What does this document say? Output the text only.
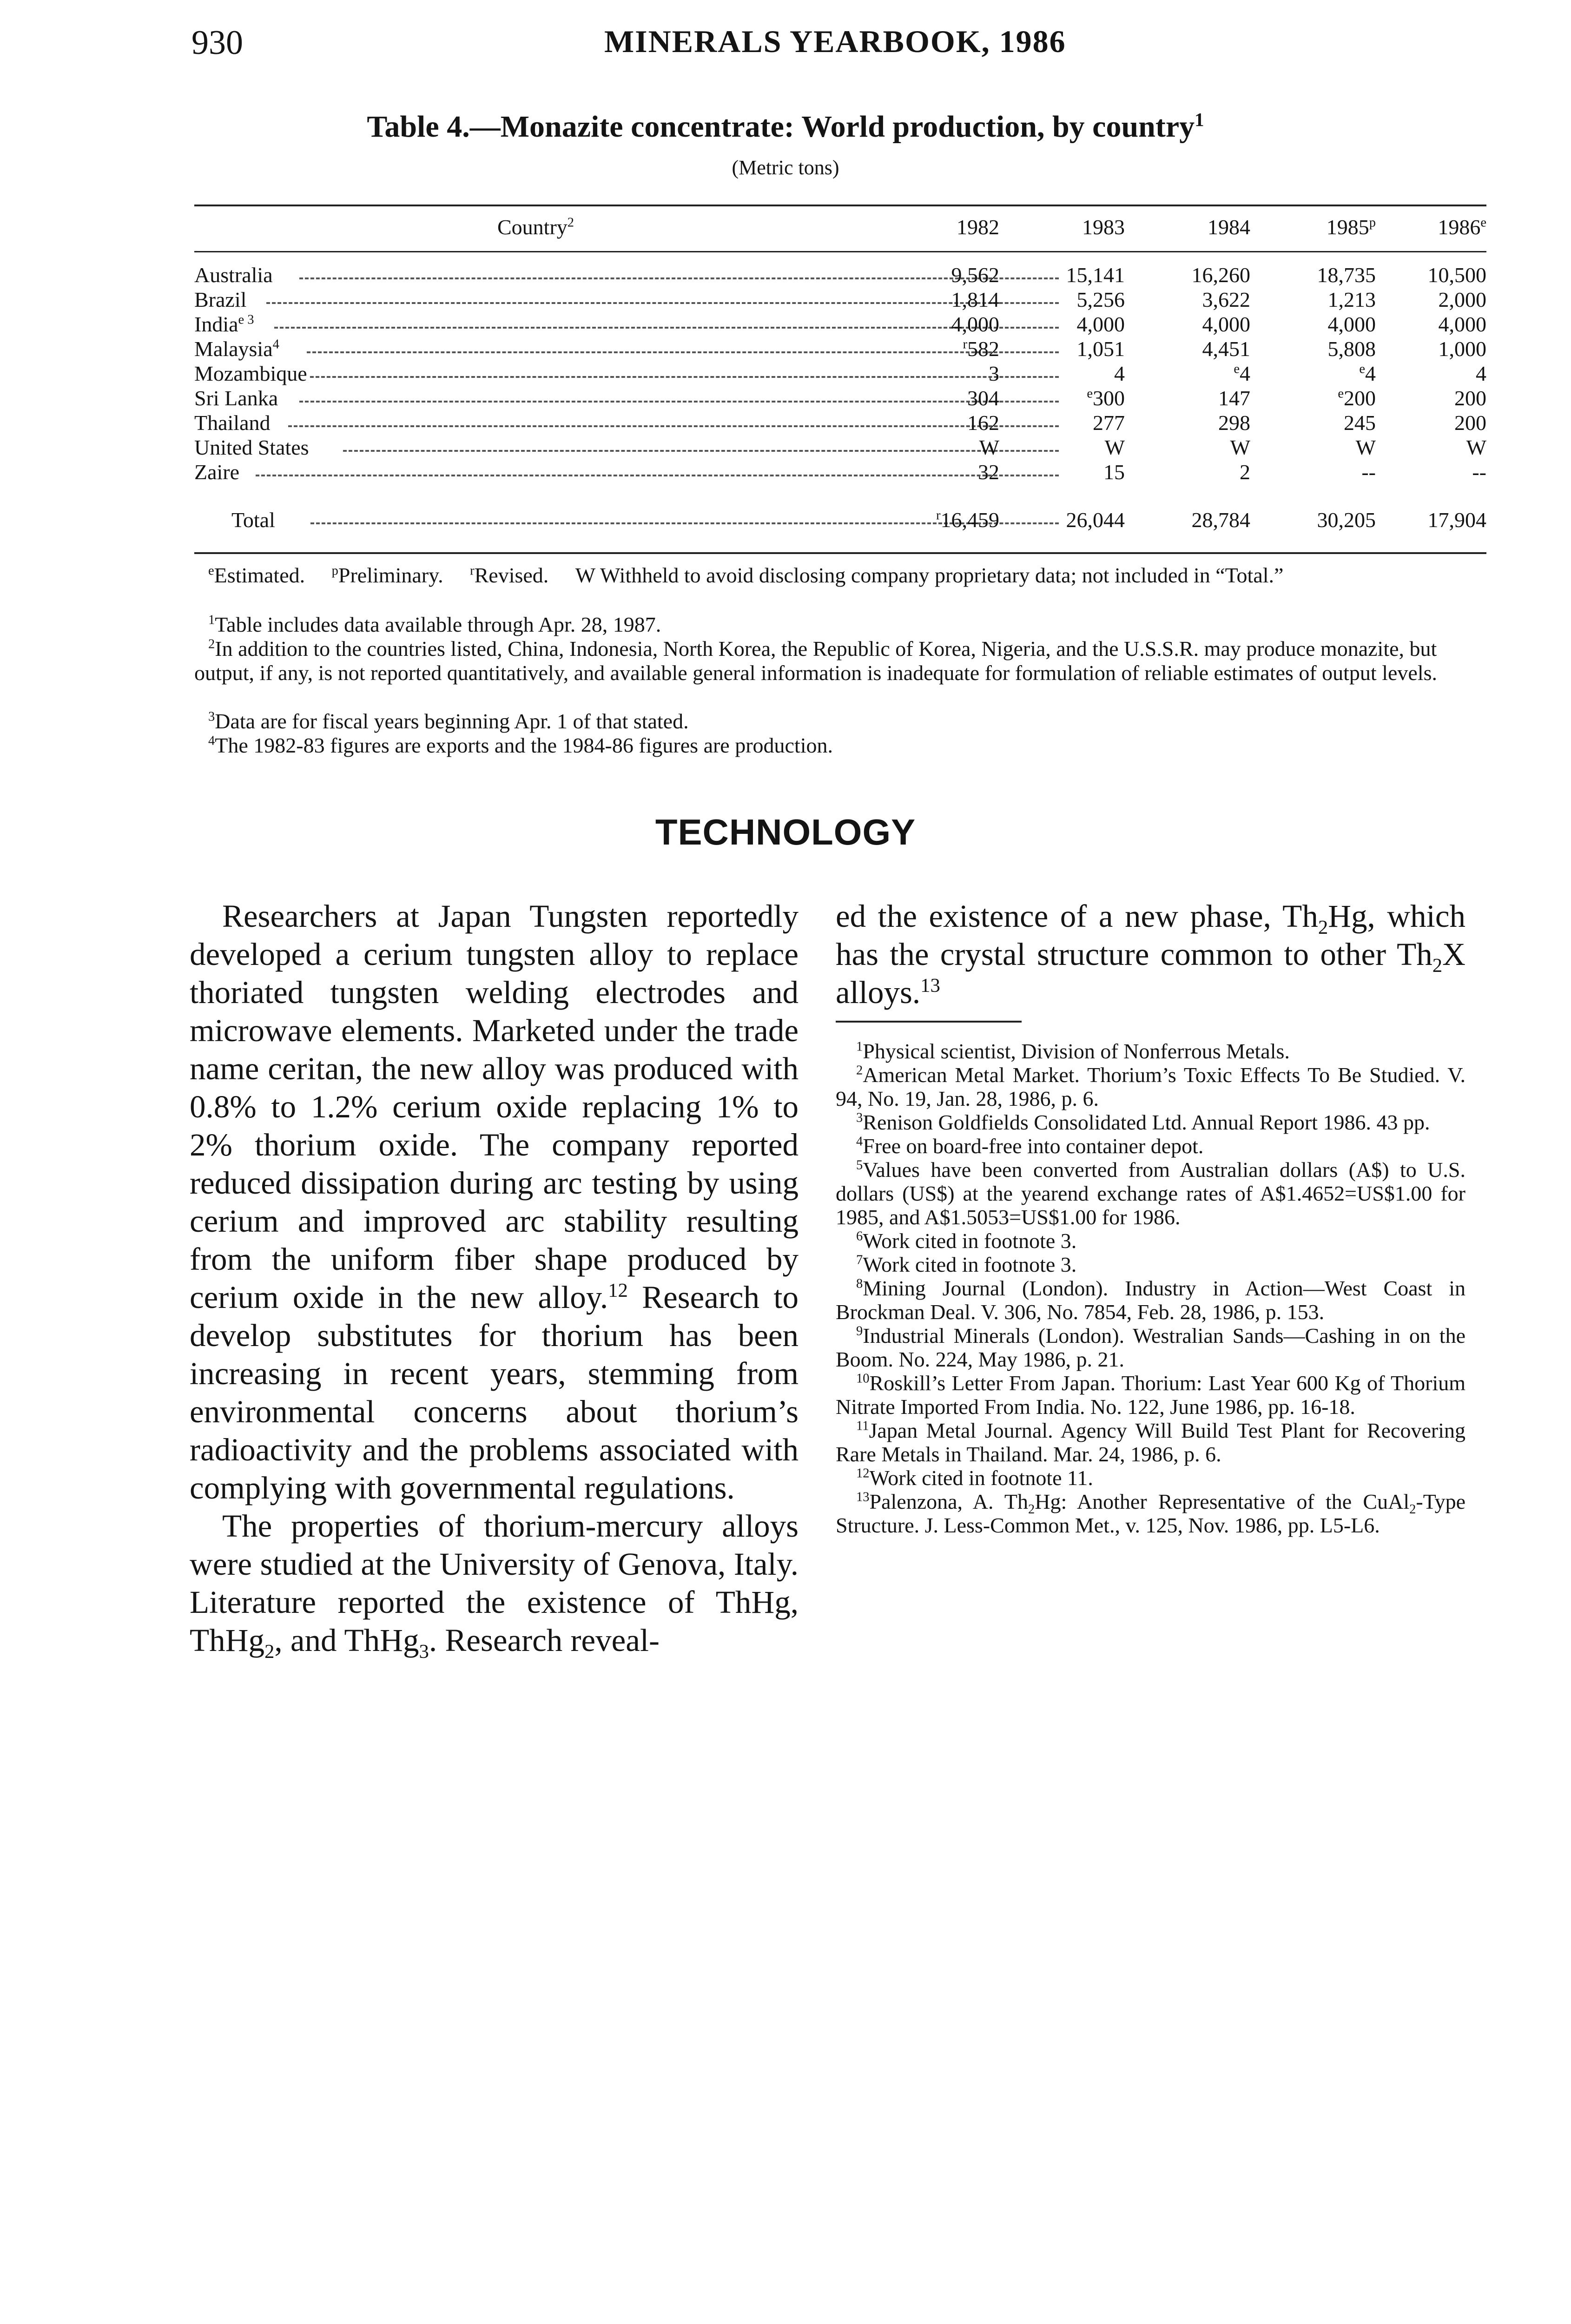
930	MINERALS YEARBOOK, 1986
Table 4.—Monazite concentrate: World production, by country$^1$
(Metric tons)
Country$^2$	1982	1983	1984	1985$^p$	1986e
Australia	9,562	15,141	16,260	18,735	10,500
Brazil	1,814	5,256	3,622	1,213	2,000
India$^{e 3}$	4,000	4,000	4,000	4,000	4,000
Malaysia$^4$	$^r$582	1,051	4,451	5,808	1,000
Mozambique	3	4	$^e$4	$^e$4	4
Sri Lanka	304	$^e$300	147	$^e$200	200
Thailand	162	277	298	245	200
United States	W	W	W	W	W
Zaire	32	15	2	--	--
Total	$^r$16,459	26,044	28,784	30,205	17,904
$^e$Estimated. $^p$Preliminary. $^r$Revised. W Withheld to avoid disclosing company proprietary data; not included in “Total.”
$^1$Table includes data available through Apr. 28, 1987.
$^2$In addition to the countries listed, China, Indonesia, North Korea, the Republic of Korea, Nigeria, and the U.S.S.R. may produce monazite, but output, if any, is not reported quantitatively, and available general information is inadequate for formulation of reliable estimates of output levels.
$^3$Data are for fiscal years beginning Apr. 1 of that stated.
$^4$The 1982-83 figures are exports and the 1984-86 figures are production.
TECHNOLOGY

Researchers at Japan Tungsten reportedly developed a cerium tungsten alloy to replace thoriated tungsten welding electrodes and microwave elements. Marketed under the trade name ceritan, the new alloy was produced with 0.8% to 1.2% cerium oxide replacing 1% to 2% thorium oxide. The company reported reduced dissipation during arc testing by using cerium and improved arc stability resulting from the uniform fiber shape produced by cerium oxide in the new alloy.$^{12}$ Research to develop substitutes for thorium has been increasing in recent years, stemming from environmental concerns about thorium’s radioactivity and the problems associated with complying with governmental regulations.

The properties of thorium-mercury alloys were studied at the University of Genova, Italy. Literature reported the existence of ThHg, ThHg$_2$, and ThHg$_3$. Research reveal-

ed the existence of a new phase, $Th_2Hg$, which has the crystal structure common to other $Th_2X$ alloys.$^{13}$

$^1$Physical scientist, Division of Nonferrous Metals.

$^2$American Metal Market. Thorium’s Toxic Effects To Be Studied. V. 94, No. 19, Jan. 28, 1986, p. 6.

$^3$Renison Goldfields Consolidated Ltd. Annual Report 1986. 43 pp.

$^4$Free on board-free into container depot.

$^5$Values have been converted from Australian dollars (A$) to U.S. dollars (US$) at the yearend exchange rates of A$1.4652=US$1.00 for 1985, and A$1.5053=US$1.00 for 1986.

$^6$Work cited in footnote 3.

$^7$Work cited in footnote 3.

$^8$Mining Journal (London). Industry in Action—West Coast in Brockman Deal. V. 306, No. 7854, Feb. 28, 1986, p. 153.

$^9$Industrial Minerals (London). Westralian Sands—Cashing in on the Boom. No. 224, May 1986, p. 21.

$^{10}$Roskill’s Letter From Japan. Thorium: Last Year 600 Kg of Thorium Nitrate Imported From India. No. 122, June 1986, pp. 16-18.

$^{11}$Japan Metal Journal. Agency Will Build Test Plant for Recovering Rare Metals in Thailand. Mar. 24, 1986, p. 6.

$^{12}$Work cited in footnote 11.

$^{13}$Palenzona, A. $Th_2Hg$: Another Representative of the CuAl$_2$-Type Structure. J. Less-Common Met., v. 125, Nov. 1986, pp. L5-L6.
